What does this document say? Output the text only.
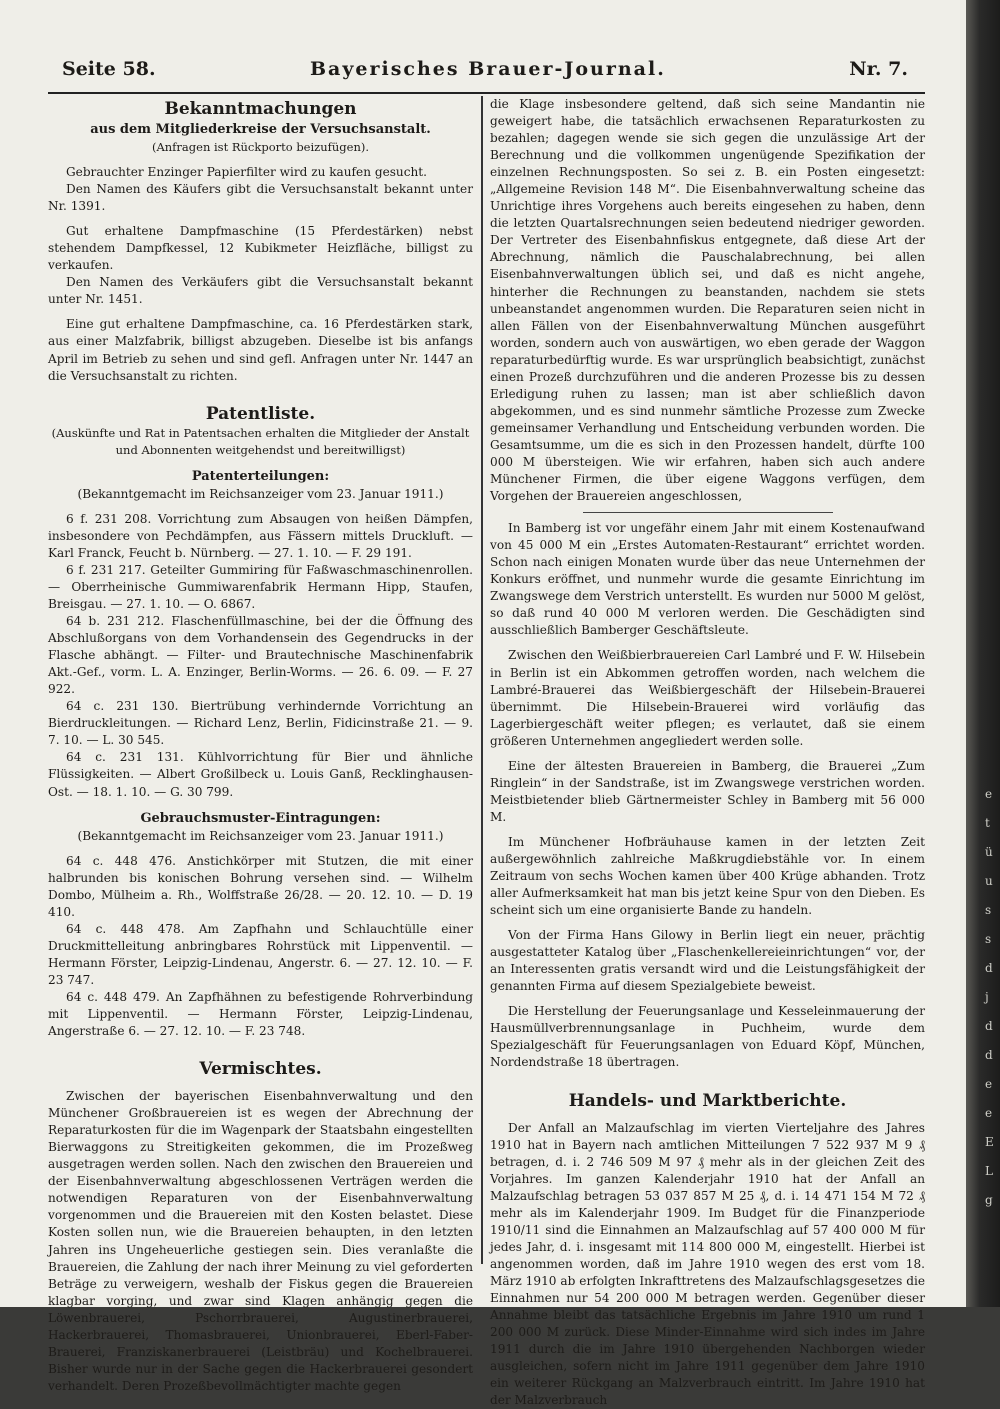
Seite 58.	Bayerisches Brauer-Journal.	Nr. 7.
Bekanntmachungen
aus dem Mitgliederkreise der Versuchsanstalt.

(Anfragen ist Rückporto beizufügen).

Gebrauchter Enzinger Papierfilter wird zu kaufen gesucht.

Den Namen des Käufers gibt die Versuchsanstalt bekannt unter Nr. 1391.

Gut erhaltene Dampfmaschine (15 Pferdestärken) nebst stehendem Dampfkessel, 12 Kubikmeter Heizfläche, billigst zu verkaufen.

Den Namen des Verkäufers gibt die Versuchsanstalt bekannt unter Nr. 1451.

Eine gut erhaltene Dampfmaschine, ca. 16 Pferdestärken stark, aus einer Malzfabrik, billigst abzugeben. Dieselbe ist bis anfangs April im Betrieb zu sehen und sind gefl. Anfragen unter Nr. 1447 an die Versuchsanstalt zu richten.

Patentliste.

(Auskünfte und Rat in Patentsachen erhalten die Mitglieder der Anstalt und Abonnenten weitgehendst und bereitwilligst)

Patenterteilungen:

(Bekanntgemacht im Reichsanzeiger vom 23. Januar 1911.)

6 f. 231 208. Vorrichtung zum Absaugen von heißen Dämpfen, insbesondere von Pechdämpfen, aus Fässern mittels Druckluft. — Karl Franck, Feucht b. Nürnberg. — 27. 1. 10. — F. 29 191.

6 f. 231 217. Geteilter Gummiring für Faßwaschmaschinenrollen. — Oberrheinische Gummiwarenfabrik Hermann Hipp, Staufen, Breisgau. — 27. 1. 10. — O. 6867.

64 b. 231 212. Flaschenfüllmaschine, bei der die Öffnung des Abschlußorgans von dem Vorhandensein des Gegendrucks in der Flasche abhängt. — Filter- und Brautechnische Maschinenfabrik Akt.-Gef., vorm. L. A. Enzinger, Berlin-Worms. — 26. 6. 09. — F. 27 922.

64 c. 231 130. Biertrübung verhindernde Vorrichtung an Bierdruckleitungen. — Richard Lenz, Berlin, Fidicinstraße 21. — 9. 7. 10. — L. 30 545.

64 c. 231 131. Kühlvorrichtung für Bier und ähnliche Flüssigkeiten. — Albert Großilbeck u. Louis Ganß, Recklinghausen-Ost. — 18. 1. 10. — G. 30 799.

Gebrauchsmuster-Eintragungen:

(Bekanntgemacht im Reichsanzeiger vom 23. Januar 1911.)

64 c. 448 476. Anstichkörper mit Stutzen, die mit einer halbrunden bis konischen Bohrung versehen sind. — Wilhelm Dombo, Mülheim a. Rh., Wolffstraße 26/28. — 20. 12. 10. — D. 19 410.

64 c. 448 478. Am Zapfhahn und Schlauchtülle einer Druckmittelleitung anbringbares Rohrstück mit Lippenventil. — Hermann Förster, Leipzig-Lindenau, Angerstr. 6. — 27. 12. 10. — F. 23 747.

64 c. 448 479. An Zapfhähnen zu befestigende Rohrverbindung mit Lippenventil. — Hermann Förster, Leipzig-Lindenau, Angerstraße 6. — 27. 12. 10. — F. 23 748.

Vermischtes.

Zwischen der bayerischen Eisenbahnverwaltung und den Münchener Großbrauereien ist es wegen der Abrechnung der Reparaturkosten für die im Wagenpark der Staatsbahn eingestellten Bierwaggons zu Streitigkeiten gekommen, die im Prozeßweg ausgetragen werden sollen. Nach den zwischen den Brauereien und der Eisenbahnverwaltung abgeschlossenen Verträgen werden die notwendigen Reparaturen von der Eisenbahnverwaltung vorgenommen und die Brauereien mit den Kosten belastet. Diese Kosten sollen nun, wie die Brauereien behaupten, in den letzten Jahren ins Ungeheuerliche gestiegen sein. Dies veranlaßte die Brauereien, die Zahlung der nach ihrer Meinung zu viel geforderten Beträge zu verweigern, weshalb der Fiskus gegen die Brauereien klagbar vorging, und zwar sind Klagen anhängig gegen die Löwenbrauerei, Pschorrbrauerei, Augustinerbrauerei, Hackerbrauerei, Thomasbrauerei, Unionbrauerei, Eberl-Faber-Brauerei, Franziskanerbrauerei (Leistbräu) und Kochelbrauerei. Bisher wurde nur in der Sache gegen die Hackerbrauerei gesondert verhandelt. Deren Prozeßbevollmächtigter machte gegen

die Klage insbesondere geltend, daß sich seine Mandantin nie geweigert habe, die tatsächlich erwachsenen Reparaturkosten zu bezahlen; dagegen wende sie sich gegen die unzulässige Art der Berechnung und die vollkommen ungenügende Spezifikation der einzelnen Rechnungsposten. So sei z. B. ein Posten eingesetzt: „Allgemeine Revision 148 M“. Die Eisenbahnverwaltung scheine das Unrichtige ihres Vorgehens auch bereits eingesehen zu haben, denn die letzten Quartalsrechnungen seien bedeutend niedriger geworden. Der Vertreter des Eisenbahnfiskus entgegnete, daß diese Art der Abrechnung, nämlich die Pauschalabrechnung, bei allen Eisenbahnverwaltungen üblich sei, und daß es nicht angehe, hinterher die Rechnungen zu beanstanden, nachdem sie stets unbeanstandet angenommen wurden. Die Reparaturen seien nicht in allen Fällen von der Eisenbahnverwaltung München ausgeführt worden, sondern auch von auswärtigen, wo eben gerade der Waggon reparaturbedürftig wurde. Es war ursprünglich beabsichtigt, zunächst einen Prozeß durchzuführen und die anderen Prozesse bis zu dessen Erledigung ruhen zu lassen; man ist aber schließlich davon abgekommen, und es sind nunmehr sämtliche Prozesse zum Zwecke gemeinsamer Verhandlung und Entscheidung verbunden worden. Die Gesamtsumme, um die es sich in den Prozessen handelt, dürfte 100 000 M übersteigen. Wie wir erfahren, haben sich auch andere Münchener Firmen, die über eigene Waggons verfügen, dem Vorgehen der Brauereien angeschlossen,

In Bamberg ist vor ungefähr einem Jahr mit einem Kostenaufwand von 45 000 M ein „Erstes Automaten-Restaurant“ errichtet worden. Schon nach einigen Monaten wurde über das neue Unternehmen der Konkurs eröffnet, und nunmehr wurde die gesamte Einrichtung im Zwangswege dem Verstrich unterstellt. Es wurden nur 5000 M gelöst, so daß rund 40 000 M verloren werden. Die Geschädigten sind ausschließlich Bamberger Geschäftsleute.

Zwischen den Weißbierbrauereien Carl Lambré und F. W. Hilsebein in Berlin ist ein Abkommen getroffen worden, nach welchem die Lambré-Brauerei das Weißbiergeschäft der Hilsebein-Brauerei übernimmt. Die Hilsebein-Brauerei wird vorläufig das Lagerbiergeschäft weiter pflegen; es verlautet, daß sie einem größeren Unternehmen angegliedert werden solle.

Eine der ältesten Brauereien in Bamberg, die Brauerei „Zum Ringlein“ in der Sandstraße, ist im Zwangswege verstrichen worden. Meistbietender blieb Gärtnermeister Schley in Bamberg mit 56 000 M.

Im Münchener Hofbräuhause kamen in der letzten Zeit außergewöhnlich zahlreiche Maßkrugdiebstähle vor. In einem Zeitraum von sechs Wochen kamen über 400 Krüge abhanden. Trotz aller Aufmerksamkeit hat man bis jetzt keine Spur von den Dieben. Es scheint sich um eine organisierte Bande zu handeln.

Von der Firma Hans Gilowy in Berlin liegt ein neuer, prächtig ausgestatteter Katalog über „Flaschenkellereieinrichtungen“ vor, der an Interessenten gratis versandt wird und die Leistungsfähigkeit der genannten Firma auf diesem Spezialgebiete beweist.

Die Herstellung der Feuerungsanlage und Kesseleinmauerung der Hausmüllverbrennungsanlage in Puchheim, wurde dem Spezialgeschäft für Feuerungsanlagen von Eduard Köpf, München, Nordendstraße 18 übertragen.

Handels- und Marktberichte.

Der Anfall an Malzaufschlag im vierten Vierteljahre des Jahres 1910 hat in Bayern nach amtlichen Mitteilungen 7 522 937 M 9 ₰ betragen, d. i. 2 746 509 M 97 ₰ mehr als in der gleichen Zeit des Vorjahres. Im ganzen Kalenderjahr 1910 hat der Anfall an Malzaufschlag betragen 53 037 857 M 25 ₰, d. i. 14 471 154 M 72 ₰ mehr als im Kalenderjahr 1909. Im Budget für die Finanzperiode 1910/11 sind die Einnahmen an Malzaufschlag auf 57 400 000 M für jedes Jahr, d. i. insgesamt mit 114 800 000 M, eingestellt. Hierbei ist angenommen worden, daß im Jahre 1910 wegen des erst vom 18. März 1910 ab erfolgten Inkrafttretens des Malzaufschlagsgesetzes die Einnahmen nur 54 200 000 M betragen werden. Gegenüber dieser Annahme bleibt das tatsächliche Ergebnis im Jahre 1910 um rund 1 200 000 M zurück. Diese Minder-Einnahme wird sich indes im Jahre 1911 durch die im Jahre 1910 übergehenden Nachborgen wieder ausgleichen, sofern nicht im Jahre 1911 gegenüber dem Jahre 1910 ein weiterer Rückgang an Malzverbrauch eintritt. Im Jahre 1910 hat der Malzverbrauch

e t ü u s s d j d d e e E L g
